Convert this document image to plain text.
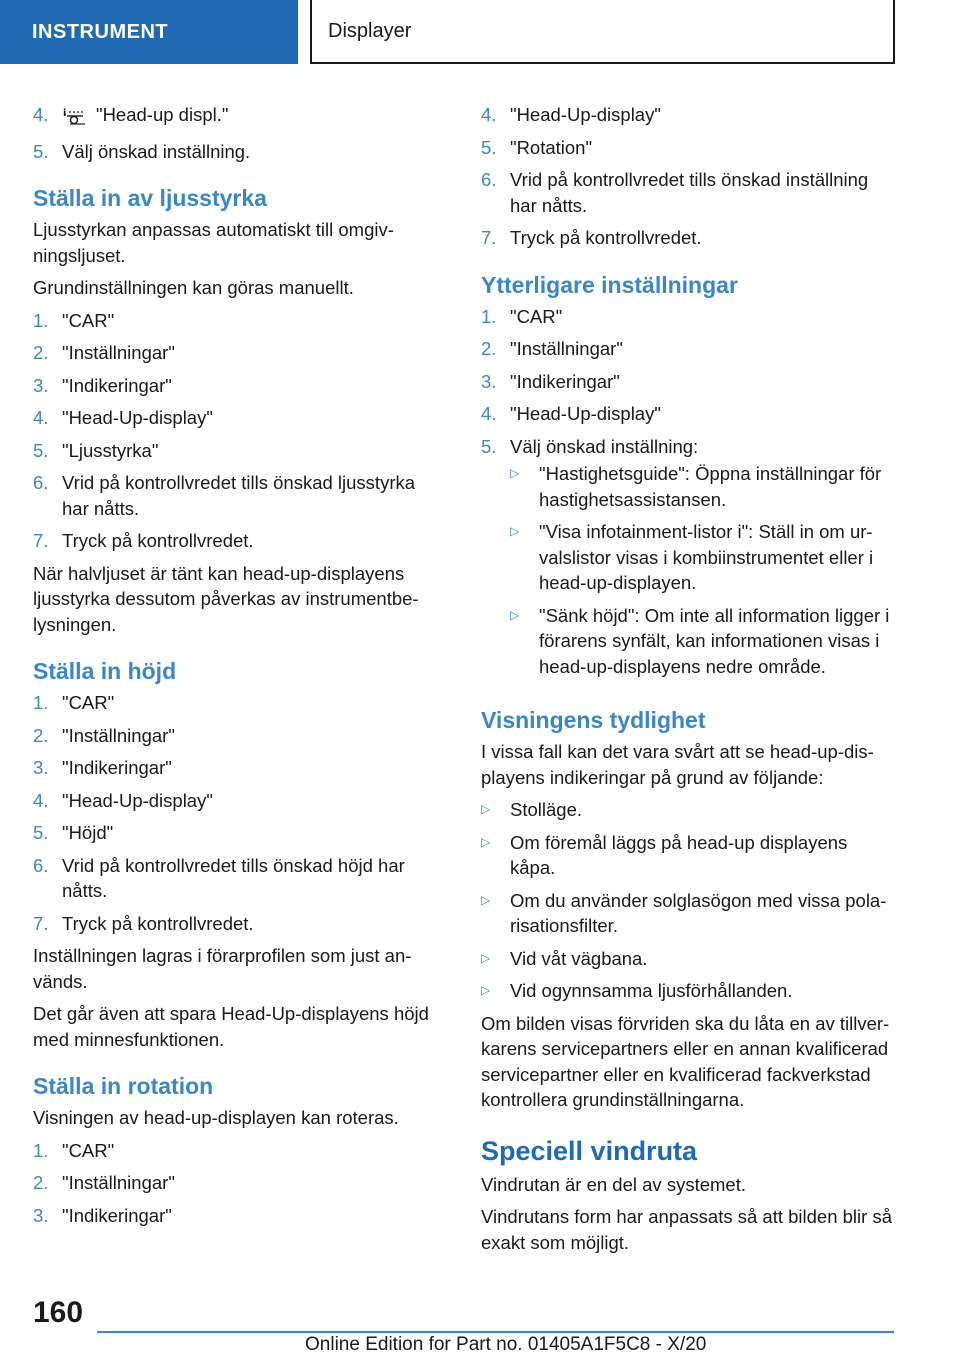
INSTRUMENT	Displayer
4.	i "Head-up displ."
5. Välj önskad inställning.
Ställa in av ljusstyrka

Ljusstyrkan anpassas automatiskt till omgivningsljuset.

Grundinställningen kan göras manuellt.

1. "CAR"
2. "Inställningar"
3. "Indikeringar"
4. "Head-Up-display"
5. "Ljusstyrka"
6. Vrid på kontrollvredet tills önskad ljusstyrka har nåtts.
7. Tryck på kontrollvredet.

När halvljuset är tänt kan head-up-displayens ljusstyrka dessutom påverkas av instrumentbelysningen.

Ställa in höjd
1. "CAR"
2. "Inställningar"
3. "Indikeringar"
4. "Head-Up-display"
5. "Höjd"
6. Vrid på kontrollvredet tills önskad höjd har nåtts.
7. Tryck på kontrollvredet.

Inställningen lagras i förarprofilen som just används.

Det går även att spara Head-Up-displayens höjd med minnesfunktionen.

Ställa in rotation

Visningen av head-up-displayen kan roteras.

1. "CAR"
2. "Inställningar"
3. "Indikeringar"
4. "Head-Up-display"
5. "Rotation"
6. Vrid på kontrollvredet tills önskad inställning har nåtts.
7. Tryck på kontrollvredet.
Ytterligare inställningar
1. "CAR"
2. "Inställningar"
3. "Indikeringar"
4. "Head-Up-display"
5. Välj önskad inställning:
▷	"Hastighetsguide": Öppna inställningar för hastighetsassistansen.
▷	"Visa infotainment-listor i": Ställ in om urvalslistor visas i kombiinstrumentet eller i head-up-displayen.
▷	"Sänk höjd": Om inte all information ligger i förarens synfält, kan informationen visas i head-up-displayens nedre område.
Visningens tydlighet

I vissa fall kan det vara svårt att se head-up-displayens indikeringar på grund av följande:

▷	Stolläge.
▷	Om föremål läggs på head-up displayens kåpa.
▷	Om du använder solglasögon med vissa polarisationsfilter.
▷	Vid våt vägbana.
▷	Vid ogynnsamma ljusförhållanden.

Om bilden visas förvriden ska du låta en av tillverkarens servicepartners eller en annan kvalificerad servicepartner eller en kvalificerad fackverkstad kontrollera grundinställningarna.

Speciell vindruta

Vindrutan är en del av systemet.

Vindrutans form har anpassats så att bilden blir så exakt som möjligt.

160
Online Edition for Part no. 01405A1F5C8 - X/20
